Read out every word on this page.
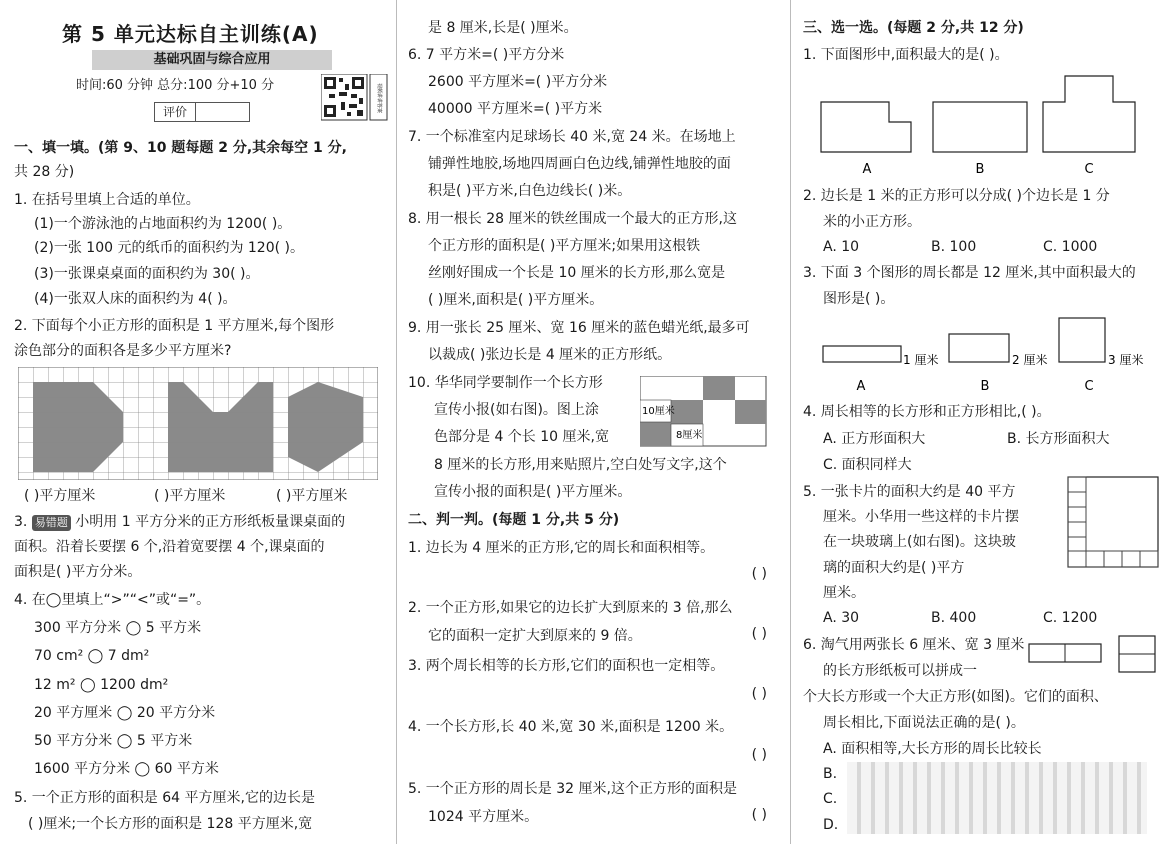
第 5 单元达标自主训练(A)
基础巩固与综合应用
时间:60 分钟 总分:100 分+10 分
评价	视频讲讲答案
一、填一填。(第 9、10 题每题 2 分,其余每空 1 分,
共 28 分)
1. 在括号里填上合适的单位。
(1)一个游泳池的占地面积约为 1200( )。
(2)一张 100 元的纸币的面积约为 120( )。
(3)一张课桌桌面的面积约为 30( )。
(4)一张双人床的面积约为 4( )。
2. 下面每个小正方形的面积是 1 平方厘米,每个图形
涂色部分的面积各是多少平方厘米?
( )平方厘米	( )平方厘米	( )平方厘米
3. 易错题 小明用 1 平方分米的正方形纸板量课桌面的
面积。沿着长要摆 6 个,沿着宽要摆 4 个,课桌面的
面积是( )平方分米。
4. 在◯里填上“>”“<”或“=”。
300 平方分米 ◯ 5 平方米
70 cm² ◯ 7 dm²
12 m² ◯ 1200 dm²
20 平方厘米 ◯ 20 平方分米
50 平方分米 ◯ 5 平方米
1600 平方分米 ◯ 60 平方米
5. 一个正方形的面积是 64 平方厘米,它的边长是
( )厘米;一个长方形的面积是 128 平方厘米,宽
是 8 厘米,长是( )厘米。
6. 7 平方米=( )平方分米
2600 平方厘米=( )平方分米
40000 平方厘米=( )平方米
7. 一个标准室内足球场长 40 米,宽 24 米。在场地上
铺弹性地胶,场地四周画白色边线,铺弹性地胶的面
积是( )平方米,白色边线长( )米。
8. 用一根长 28 厘米的铁丝围成一个最大的正方形,这
个正方形的面积是( )平方厘米;如果用这根铁
丝刚好围成一个长是 10 厘米的长方形,那么宽是
( )厘米,面积是( )平方厘米。
9. 用一张长 25 厘米、宽 16 厘米的蓝色蜡光纸,最多可
以裁成( )张边长是 4 厘米的正方形纸。
10. 华华同学要制作一个长方形
宣传小报(如右图)。图上涂
色部分是 4 个长 10 厘米,宽
8 厘米的长方形,用来贴照片,空白处写文字,这个
宣传小报的面积是( )平方厘米。
10厘米
8厘米
二、判一判。(每题 1 分,共 5 分)
1. 边长为 4 厘米的正方形,它的周长和面积相等。
( )
2. 一个正方形,如果它的边长扩大到原来的 3 倍,那么
它的面积一定扩大到原来的 9 倍。	( )
3. 两个周长相等的长方形,它们的面积也一定相等。
( )
4. 一个长方形,长 40 米,宽 30 米,面积是 1200 米。
( )
5. 一个正方形的周长是 32 厘米,这个正方形的面积是
1024 平方厘米。	( )
三、选一选。(每题 2 分,共 12 分)
1. 下面图形中,面积最大的是( )。
A	B	C
2. 边长是 1 米的正方形可以分成( )个边长是 1 分
米的小正方形。
A. 10	B. 100	C. 1000
3. 下面 3 个图形的周长都是 12 厘米,其中面积最大的
图形是( )。
1 厘米	2 厘米	3 厘米
A	B	C
4. 周长相等的长方形和正方形相比,( )。
A. 正方形面积大	B. 长方形面积大
C. 面积同样大
5. 一张卡片的面积大约是 40 平方
厘米。小华用一些这样的卡片摆
在一块玻璃上(如右图)。这块玻
璃的面积大约是( )平方
厘米。
A. 30	B. 400	C. 1200
6. 淘气用两张长 6 厘米、宽 3 厘米
的长方形纸板可以拼成一
个大长方形或一个大正方形(如图)。它们的面积、
周长相比,下面说法正确的是( )。
A. 面积相等,大长方形的周长比较长
B.
C.
D.
